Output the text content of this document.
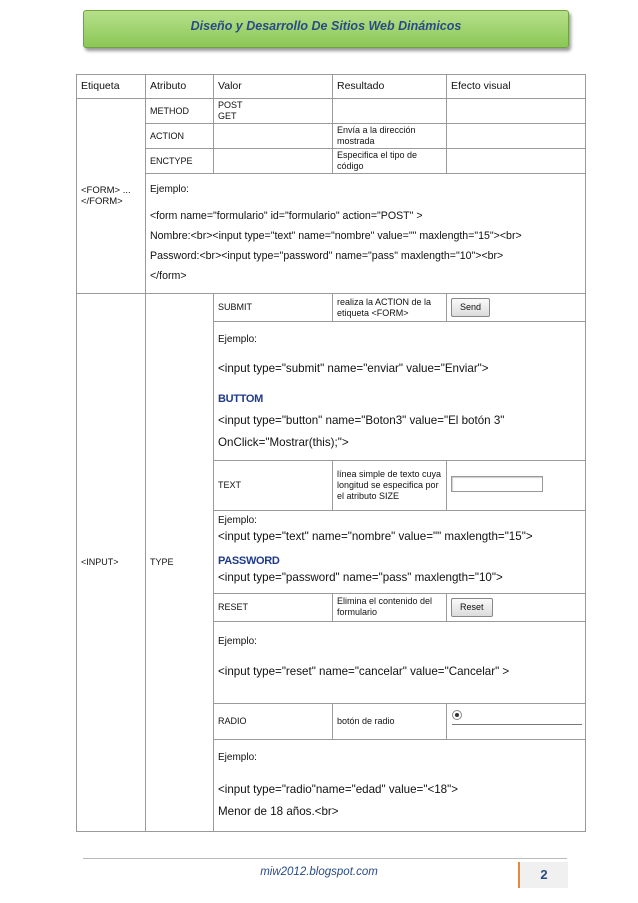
Diseño y Desarrollo De Sitios Web Dinámicos
Etiqueta	Atributo	Valor	Resultado	Efecto visual
<FORM> ... </FORM>	METHOD	POST
GET		
	ACTION		Envía a la dirección mostrada	
	ENCTYPE		Especifica el tipo de código	
	Ejemplo:			

	<form name="formulario" id="formulario" action="POST" >
Nombre:<br><input type="text" name="nombre" value="" maxlength="15"><br>
Password:<br><input type="password" name="pass" maxlength="10"><br>
</form>			

<INPUT>	TYPE	SUBMIT	realiza la ACTION de la etiqueta <FORM>	Send
		Ejemplo:		

		<input type="submit" name="enviar" value="Enviar">
BUTTOM
<input type="button" name="Boton3" value="El botón 3"
OnClick="Mostrar(this);">		

		TEXT	línea simple de texto cuya longitud se especifica por el atributo SIZE	

		Ejemplo:
<input type="text" name="nombre" value="" maxlength="15">
PASSWORD
<input type="password" name="pass" maxlength="10">		

		RESET	Elimina el contenido del formulario	Reset
		Ejemplo:		
		<input type="reset" name="cancelar" value="Cancelar" >		
		RADIO	botón de radio	

		Ejemplo:		

		<input type="radio"name="edad" value="<18">
Menor de 18 años.<br>		
miw2012.blogspot.com	2
